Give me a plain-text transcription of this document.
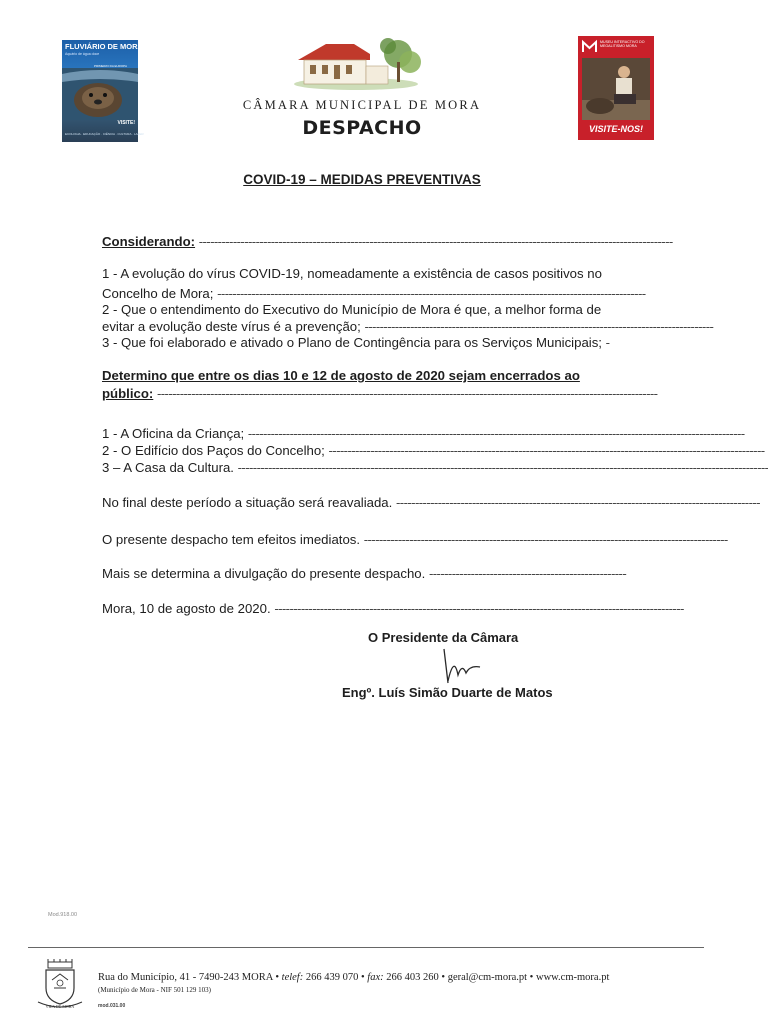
FLUVIÁRIO DE MORA
Aquário de água doce
PRIMEIRO DA EUROPA
VISITE!
ECOLOGIA · EDUCAÇÃO · CIÊNCIA · CULTURA · LAZER
CÂMARA MUNICIPAL DE MORA
DESPACHO
MUSEU INTERACTIVO DO MEGALITISMO MORA
VISITE-NOS!
COVID-19 – MEDIDAS PREVENTIVAS
Considerando: -----------------------------------------------------------------------------------------------------------------------------
1 - A evolução do vírus COVID-19, nomeadamente a existência de casos positivos no
Concelho de Mora; -----------------------------------------------------------------------------------------------------------------
2 - Que o entendimento do Executivo do Município de Mora é que, a melhor forma de
evitar a evolução deste vírus é a prevenção; --------------------------------------------------------------------------------------------
3 - Que foi elaborado e ativado o Plano de Contingência para os Serviços Municipais; -
Determino que entre os dias 10 e 12 de agosto de 2020 sejam encerrados ao
público: ------------------------------------------------------------------------------------------------------------------------------------
1 - A Oficina da Criança; -----------------------------------------------------------------------------------------------------------------------------------
2 - O Edifício dos Paços do Concelho; -------------------------------------------------------------------------------------------------------------------
3 – A Casa da Cultura. --------------------------------------------------------------------------------------------------------------------------------------------
No final deste período a situação será reavaliada. ------------------------------------------------------------------------------------------------
O presente despacho tem efeitos imediatos. ------------------------------------------------------------------------------------------------
Mais se determina a divulgação do presente despacho. ----------------------------------------------------
Mora, 10 de agosto de 2020. ------------------------------------------------------------------------------------------------------------
O Presidente da Câmara
Engº. Luís Simão Duarte de Matos
Mod.918.00
VILA DE MORA
Rua do Município, 41 - 7490-243 MORA • telef: 266 439 070 • fax: 266 403 260 • geral@cm-mora.pt • www.cm-mora.pt
(Município de Mora - NIF 501 129 103)
mod.031.00
